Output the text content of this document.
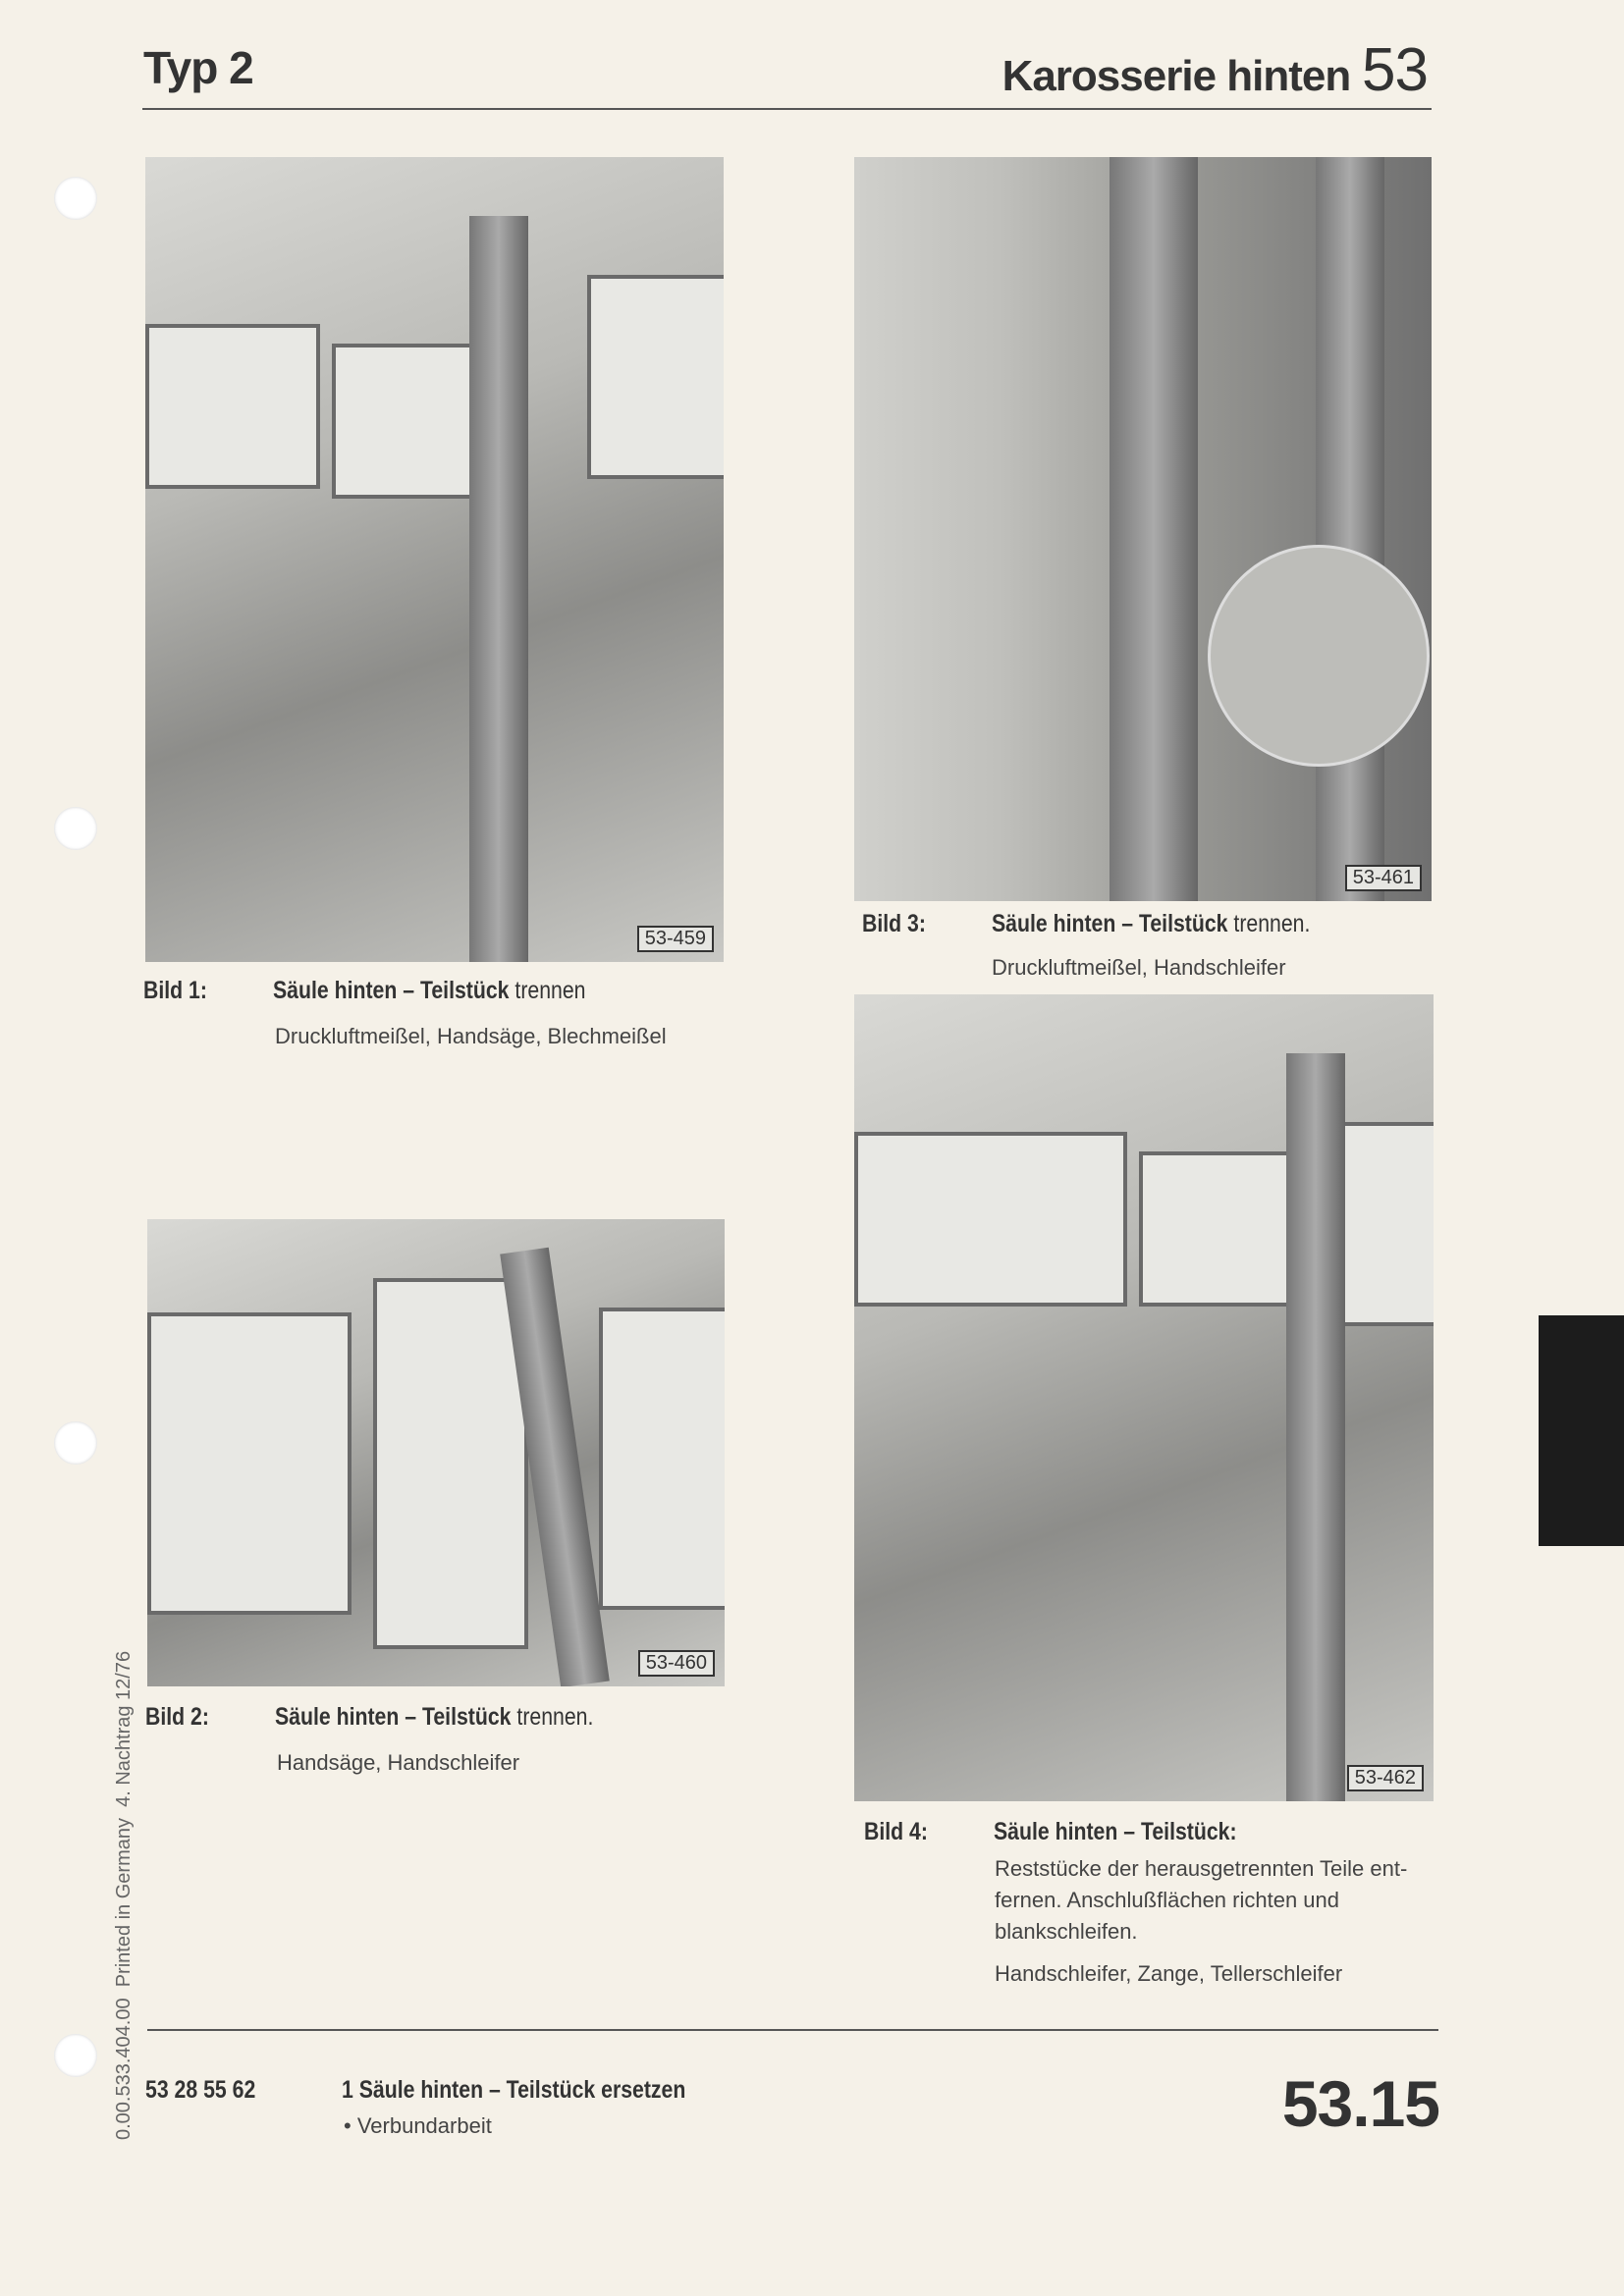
Typ 2	Karosserie hinten 53
53-459
Bild 1:	Säule hinten – Teilstück trennen
Druckluftmeißel, Handsäge, Blechmeißel
53-461
Bild 3:	Säule hinten – Teilstück trennen.
Druckluftmeißel, Handschleifer
53-462
Bild 4:	Säule hinten – Teilstück:
Reststücke der herausgetrennten Teile ent-
fernen. Anschlußflächen richten und
blankschleifen.
Handschleifer, Zange, Tellerschleifer
53-460
Bild 2:	Säule hinten – Teilstück trennen.
Handsäge, Handschleifer
0.00.533.404.00  Printed in Germany  4. Nachtrag 12/76 53 28 55 62	1 Säule hinten – Teilstück ersetzen
• Verbundarbeit	53.15
